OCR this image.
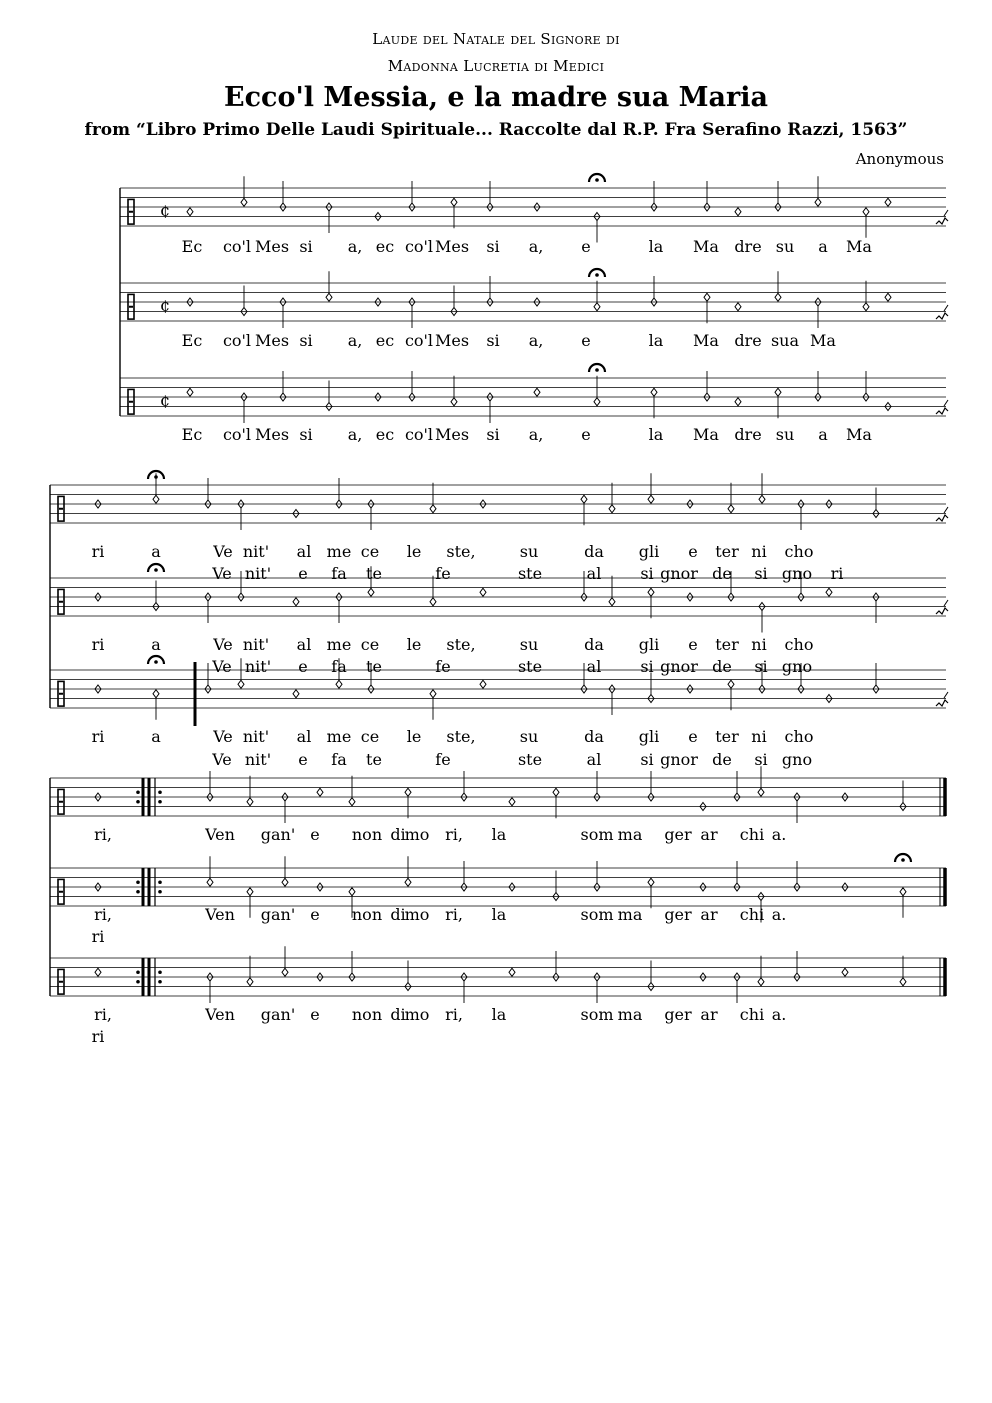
Laude del Natale del Signore di
Madonna Lucretia di Medici
Ecco'l Messia, e la madre sua Maria
from “Libro Primo Delle Laudi Spirituale... Raccolte dal R.P. Fra Serafino Razzi, 1563”
Anonymous
¢
Ec co'l Mes si a, ec co'l Mes si a, e	la Ma dre su a Ma
¢
Ec co'l Mes si a, ec co'l Mes si a, e	la Ma dre sua Ma
¢
Ec co'l Mes si a, ec co'l Mes si a, e	la Ma dre su a Ma
ri	a	Ve nit' al me ce le ste,	su	da gli e ter ni cho
Ve nit' e fa te	fe	ste	al si gnor de si gno ri
ri	a	Ve nit' al me ce le ste,	su	da gli e ter ni cho
Ve nit' e fa te	fe	ste	al si gnor de si gno
ri	a	Ve nit' al me ce le ste,	su	da gli e ter ni cho
Ve nit' e fa te	fe	ste	al si gnor de si gno
ri,	Ven gan' e non di
mo ri, la	som ma ger ar chi a.
ri,	Ven gan' e non di
mo ri, la	som ma ger ar chi a.
ri
ri,	Ven gan' e non di
mo ri, la	som ma ger ar chi a.
ri
